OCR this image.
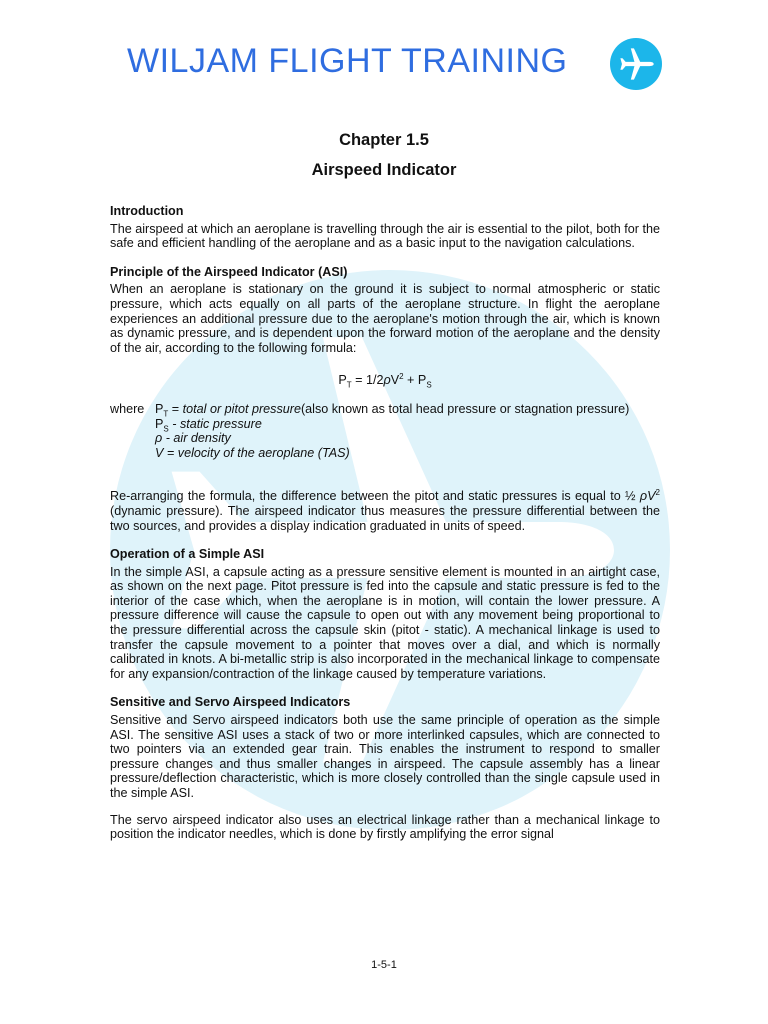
WILJAM FLIGHT TRAINING
Chapter 1.5
Airspeed Indicator
Introduction

The airspeed at which an aeroplane is travelling through the air is essential to the pilot, both for the safe and efficient handling of the aeroplane and as a basic input to the navigation calculations.

Principle of the Airspeed Indicator (ASI)

When an aeroplane is stationary on the ground it is subject to normal atmospheric or static pressure, which acts equally on all parts of the aeroplane structure. In flight the aeroplane experiences an additional pressure due to the aeroplane's motion through the air, which is known as dynamic pressure, and is dependent upon the forward motion of the aeroplane and the density of the air, according to the following formula:

$P_T = 1/2\rho V^2 + P_S$
where $P_T$ = total or pitot pressure(also known as total head pressure or stagnation pressure)
$P_S$ - static pressure
ρ - air density
V = velocity of the aeroplane (TAS)

Re-arranging the formula, the difference between the pitot and static pressures is equal to ½ $\rho V^2$ (dynamic pressure). The airspeed indicator thus measures the pressure differential between the two sources, and provides a display indication graduated in units of speed.

Operation of a Simple ASI

In the simple ASI, a capsule acting as a pressure sensitive element is mounted in an airtight case, as shown on the next page. Pitot pressure is fed into the capsule and static pressure is fed to the interior of the case which, when the aeroplane is in motion, will contain the lower pressure. A pressure difference will cause the capsule to open out with any movement being proportional to the pressure differential across the capsule skin (pitot - static). A mechanical linkage is used to transfer the capsule movement to a pointer that moves over a dial, and which is normally calibrated in knots. A bi-metallic strip is also incorporated in the mechanical linkage to compensate for any expansion/contraction of the linkage caused by temperature variations.

Sensitive and Servo Airspeed Indicators

Sensitive and Servo airspeed indicators both use the same principle of operation as the simple ASI. The sensitive ASI uses a stack of two or more interlinked capsules, which are connected to two pointers via an extended gear train. This enables the instrument to respond to smaller pressure changes and thus smaller changes in airspeed. The capsule assembly has a linear pressure/deflection characteristic, which is more closely controlled than the single capsule used in the simple ASI.

The servo airspeed indicator also uses an electrical linkage rather than a mechanical linkage to position the indicator needles, which is done by firstly amplifying the error signal

1-5-1
